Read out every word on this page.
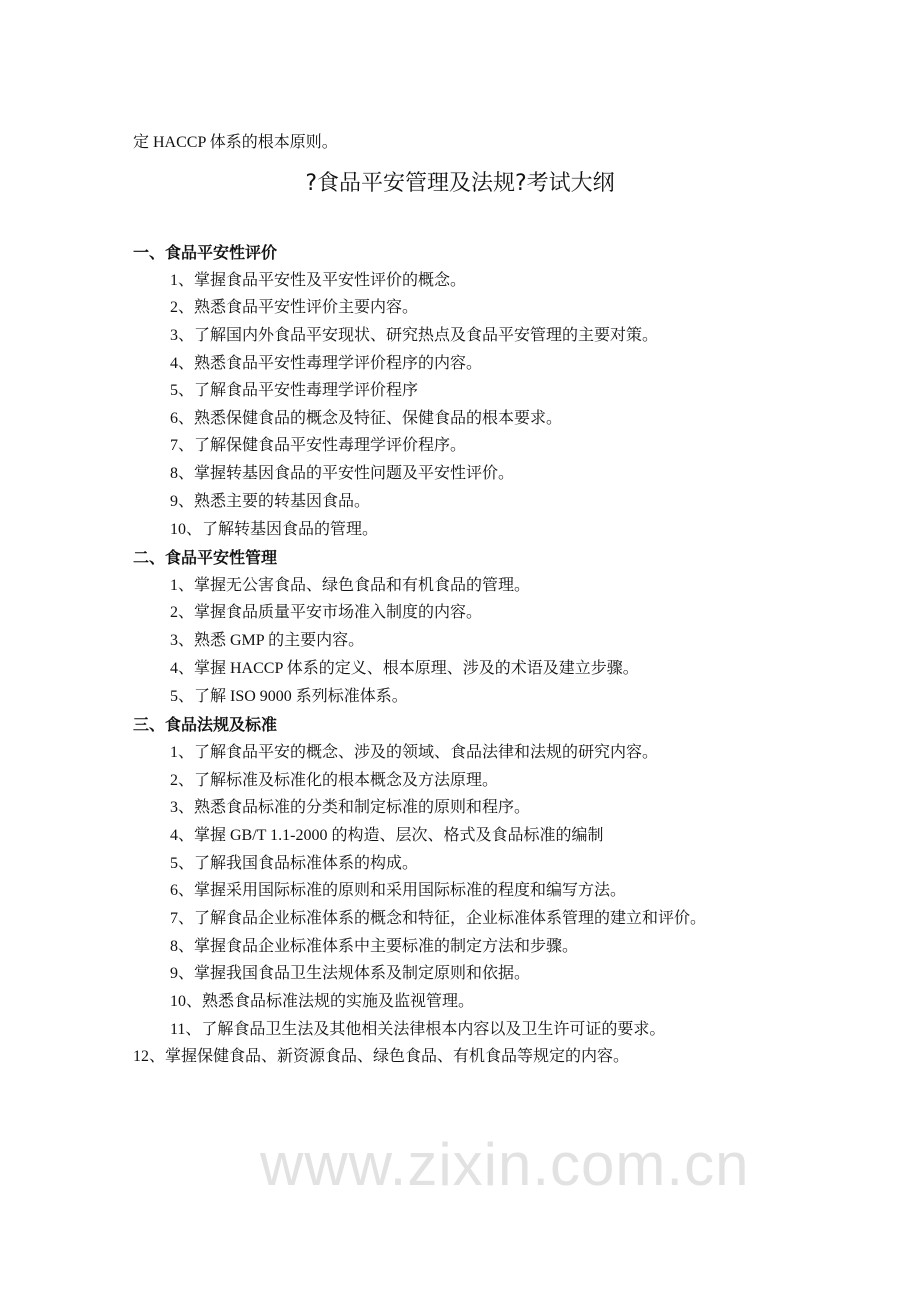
定 HACCP 体系的根本原则。
?食品平安管理及法规?考试大纲
一、食品平安性评价
1、掌握食品平安性及平安性评价的概念。
2、熟悉食品平安性评价主要内容。
3、了解国内外食品平安现状、研究热点及食品平安管理的主要对策。
4、熟悉食品平安性毒理学评价程序的内容。
5、了解食品平安性毒理学评价程序
6、熟悉保健食品的概念及特征、保健食品的根本要求。
7、了解保健食品平安性毒理学评价程序。
8、掌握转基因食品的平安性问题及平安性评价。
9、熟悉主要的转基因食品。
10、了解转基因食品的管理。
二、食品平安性管理
1、掌握无公害食品、绿色食品和有机食品的管理。
2、掌握食品质量平安市场准入制度的内容。
3、熟悉 GMP 的主要内容。
4、掌握 HACCP 体系的定义、根本原理、涉及的术语及建立步骤。
5、了解 ISO 9000 系列标准体系。
三、食品法规及标准
1、了解食品平安的概念、涉及的领域、食品法律和法规的研究内容。
2、了解标准及标准化的根本概念及方法原理。
3、熟悉食品标准的分类和制定标准的原则和程序。
4、掌握 GB/T 1.1-2000 的构造、层次、格式及食品标准的编制
5、了解我国食品标准体系的构成。
6、掌握采用国际标准的原则和采用国际标准的程度和编写方法。
7、了解食品企业标准体系的概念和特征，企业标准体系管理的建立和评价。
8、掌握食品企业标准体系中主要标准的制定方法和步骤。
9、掌握我国食品卫生法规体系及制定原则和依据。
10、熟悉食品标准法规的实施及监视管理。
11、了解食品卫生法及其他相关法律根本内容以及卫生许可证的要求。
12、掌握保健食品、新资源食品、绿色食品、有机食品等规定的内容。
www.zixin.com.cn
